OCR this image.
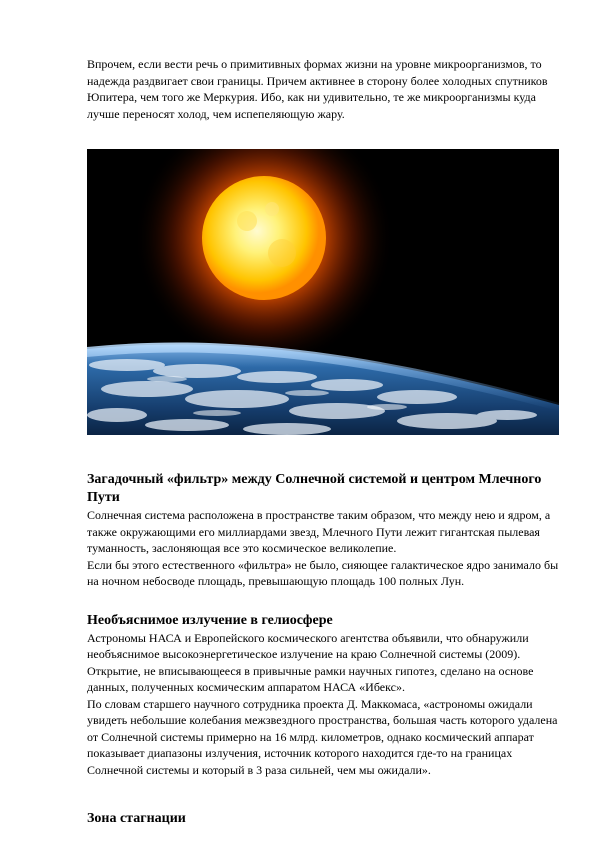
Впрочем, если вести речь о примитивных формах жизни на уровне микроорганизмов, то надежда раздвигает свои границы. Причем активнее в сторону более холодных спутников Юпитера, чем того же Меркурия. Ибо, как ни удивительно, те же микроорганизмы куда лучше переносят холод, чем испепеляющую жару.

Загадочный «фильтр» между Солнечной системой и центром Млечного Пути

Солнечная система расположена в пространстве таким образом, что между нею и ядром, а также окружающими его миллиардами звезд, Млечного Пути лежит гигантская пылевая туманность, заслоняющая все это космическое великолепие.

Если бы этого естественного «фильтра» не было, сияющее галактическое ядро занимало бы на ночном небосводе площадь, превышающую площадь 100 полных Лун.

Необъяснимое излучение в гелиосфере

Астрономы НАСА и Европейского космического агентства объявили, что обнаружили необъяснимое высокоэнергетическое излучение на краю Солнечной системы (2009).

Открытие, не вписывающееся в привычные рамки научных гипотез, сделано на основе данных, полученных космическим аппаратом НАСА «Ибекс».

По словам старшего научного сотрудника проекта Д. Маккомаса, «астрономы ожидали увидеть небольшие колебания межзвездного пространства, большая часть которого удалена от Солнечной системы примерно на 16 млрд. километров, однако космический аппарат показывает диапазоны излучения, источник которого находится где-то на границах Солнечной системы и который в 3 раза сильней, чем мы ожидали».

Зона стагнации
